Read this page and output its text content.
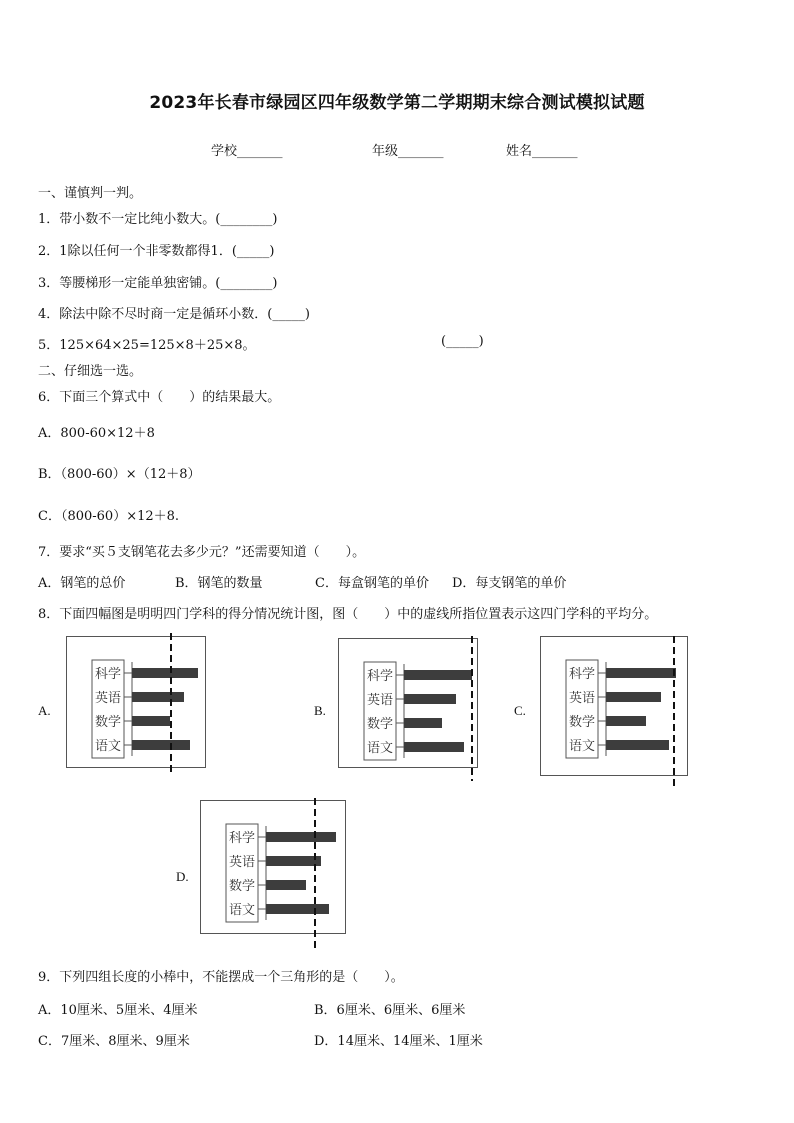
2023年长春市绿园区四年级数学第二学期期末综合测试模拟试题
学校_______	年级_______	姓名_______
一、谨慎判一判。
1．带小数不一定比纯小数大。(________)
2．1除以任何一个非零数都得1．(_____)
3．等腰梯形一定能单独密铺。(________)
4．除法中除不尽时商一定是循环小数．(_____)
5．125×64×25=125×8＋25×8。	(_____)
二、仔细选一选。
6．下面三个算式中（　　）的结果最大。
A．800-60×12＋8
B．（800-60）×（12＋8）
C．（800-60）×12＋8.
7．要求“买５支钢笔花去多少元？”还需要知道（　　）。
A．钢笔的总价	B．钢笔的数量	C．每盒钢笔的单价 D．每支钢笔的单价
8．下面四幅图是明明四门学科的得分情况统计图，图（　　）中的虚线所指位置表示这四门学科的平均分。
A.	B.	C.
D.
科学
英语
数学
语文
科学
英语
数学
语文
科学
英语
数学
语文
科学
英语
数学
语文
9．下列四组长度的小棒中，不能摆成一个三角形的是（　　）。
A．10厘米、5厘米、4厘米	B．6厘米、6厘米、6厘米
C．7厘米、8厘米、9厘米	D．14厘米、14厘米、1厘米
